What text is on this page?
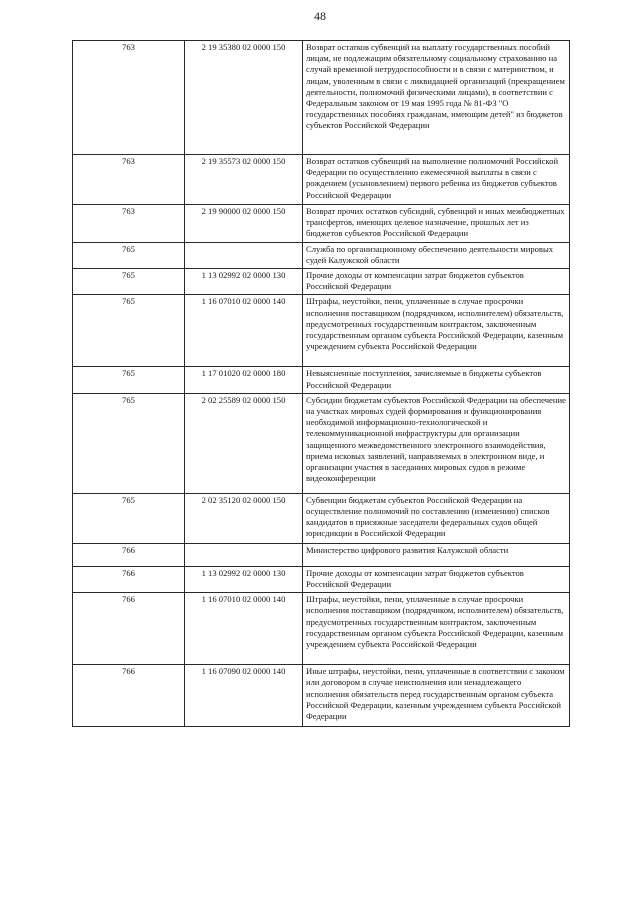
48
763	2 19 35380 02 0000 150	Возврат остатков субвенций на выплату государственных пособий лицам, не подлежащим обязательному социальному страхованию на случай временной нетрудоспособности и в связи с материнством, и лицам, уволенным в связи с ликвидацией организаций (прекращением деятельности, полномочий физическими лицами), в соответствии с Федеральным законом от 19 мая 1995 года № 81-ФЗ "О государственных пособиях гражданам, имеющим детей" из бюджетов субъектов Российской Федерации
763	2 19 35573 02 0000 150	Возврат остатков субвенций на выполнение полномочий Российской Федерации по осуществлению ежемесячной выплаты в связи с рождением (усыновлением) первого ребенка из бюджетов субъектов Российской Федерации
763	2 19 90000 02 0000 150	Возврат прочих остатков субсидий, субвенций и иных межбюджетных трансфертов, имеющих целевое назначение, прошлых лет из бюджетов субъектов Российской Федерации
765		Служба по организационному обеспечению деятельности мировых судей Калужской области
765	1 13 02992 02 0000 130	Прочие доходы от компенсации затрат бюджетов субъектов Российской Федерации
765	1 16 07010 02 0000 140	Штрафы, неустойки, пени, уплаченные в случае просрочки исполнения поставщиком (подрядчиком, исполнителем) обязательств, предусмотренных государственным контрактом, заключенным государственным органом субъекта Российской Федерации, казенным учреждением субъекта Российской Федерации
765	1 17 01020 02 0000 180	Невыясненные поступления, зачисляемые в бюджеты субъектов Российской Федерации
765	2 02 25589 02 0000 150	Субсидии бюджетам субъектов Российской Федерации на обеспечение на участках мировых судей формирования и функционирования необходимой информационно-технологической и телекоммуникационной инфраструктуры для организации защищенного межведомственного электронного взаимодействия, приема исковых заявлений, направляемых в электронном виде, и организации участия в заседаниях мировых судов в режиме видеоконференции
765	2 02 35120 02 0000 150	Субвенции бюджетам субъектов Российской Федерации на осуществление полномочий по составлению (изменению) списков кандидатов в присяжные заседатели федеральных судов общей юрисдикции в Российской Федерации
766		Министерство цифрового развития Калужской области
766	1 13 02992 02 0000 130	Прочие доходы от компенсации затрат бюджетов субъектов Российской Федерации
766	1 16 07010 02 0000 140	Штрафы, неустойки, пени, уплаченные в случае просрочки исполнения поставщиком (подрядчиком, исполнителем) обязательств, предусмотренных государственным контрактом, заключенным государственным органом субъекта Российской Федерации, казенным учреждением субъекта Российской Федерации
766	1 16 07090 02 0000 140	Иные штрафы, неустойки, пени, уплаченные в соответствии с законом или договором в случае неисполнения или ненадлежащего исполнения обязательств перед государственным органом субъекта Российской Федерации, казенным учреждением субъекта Российской Федерации
